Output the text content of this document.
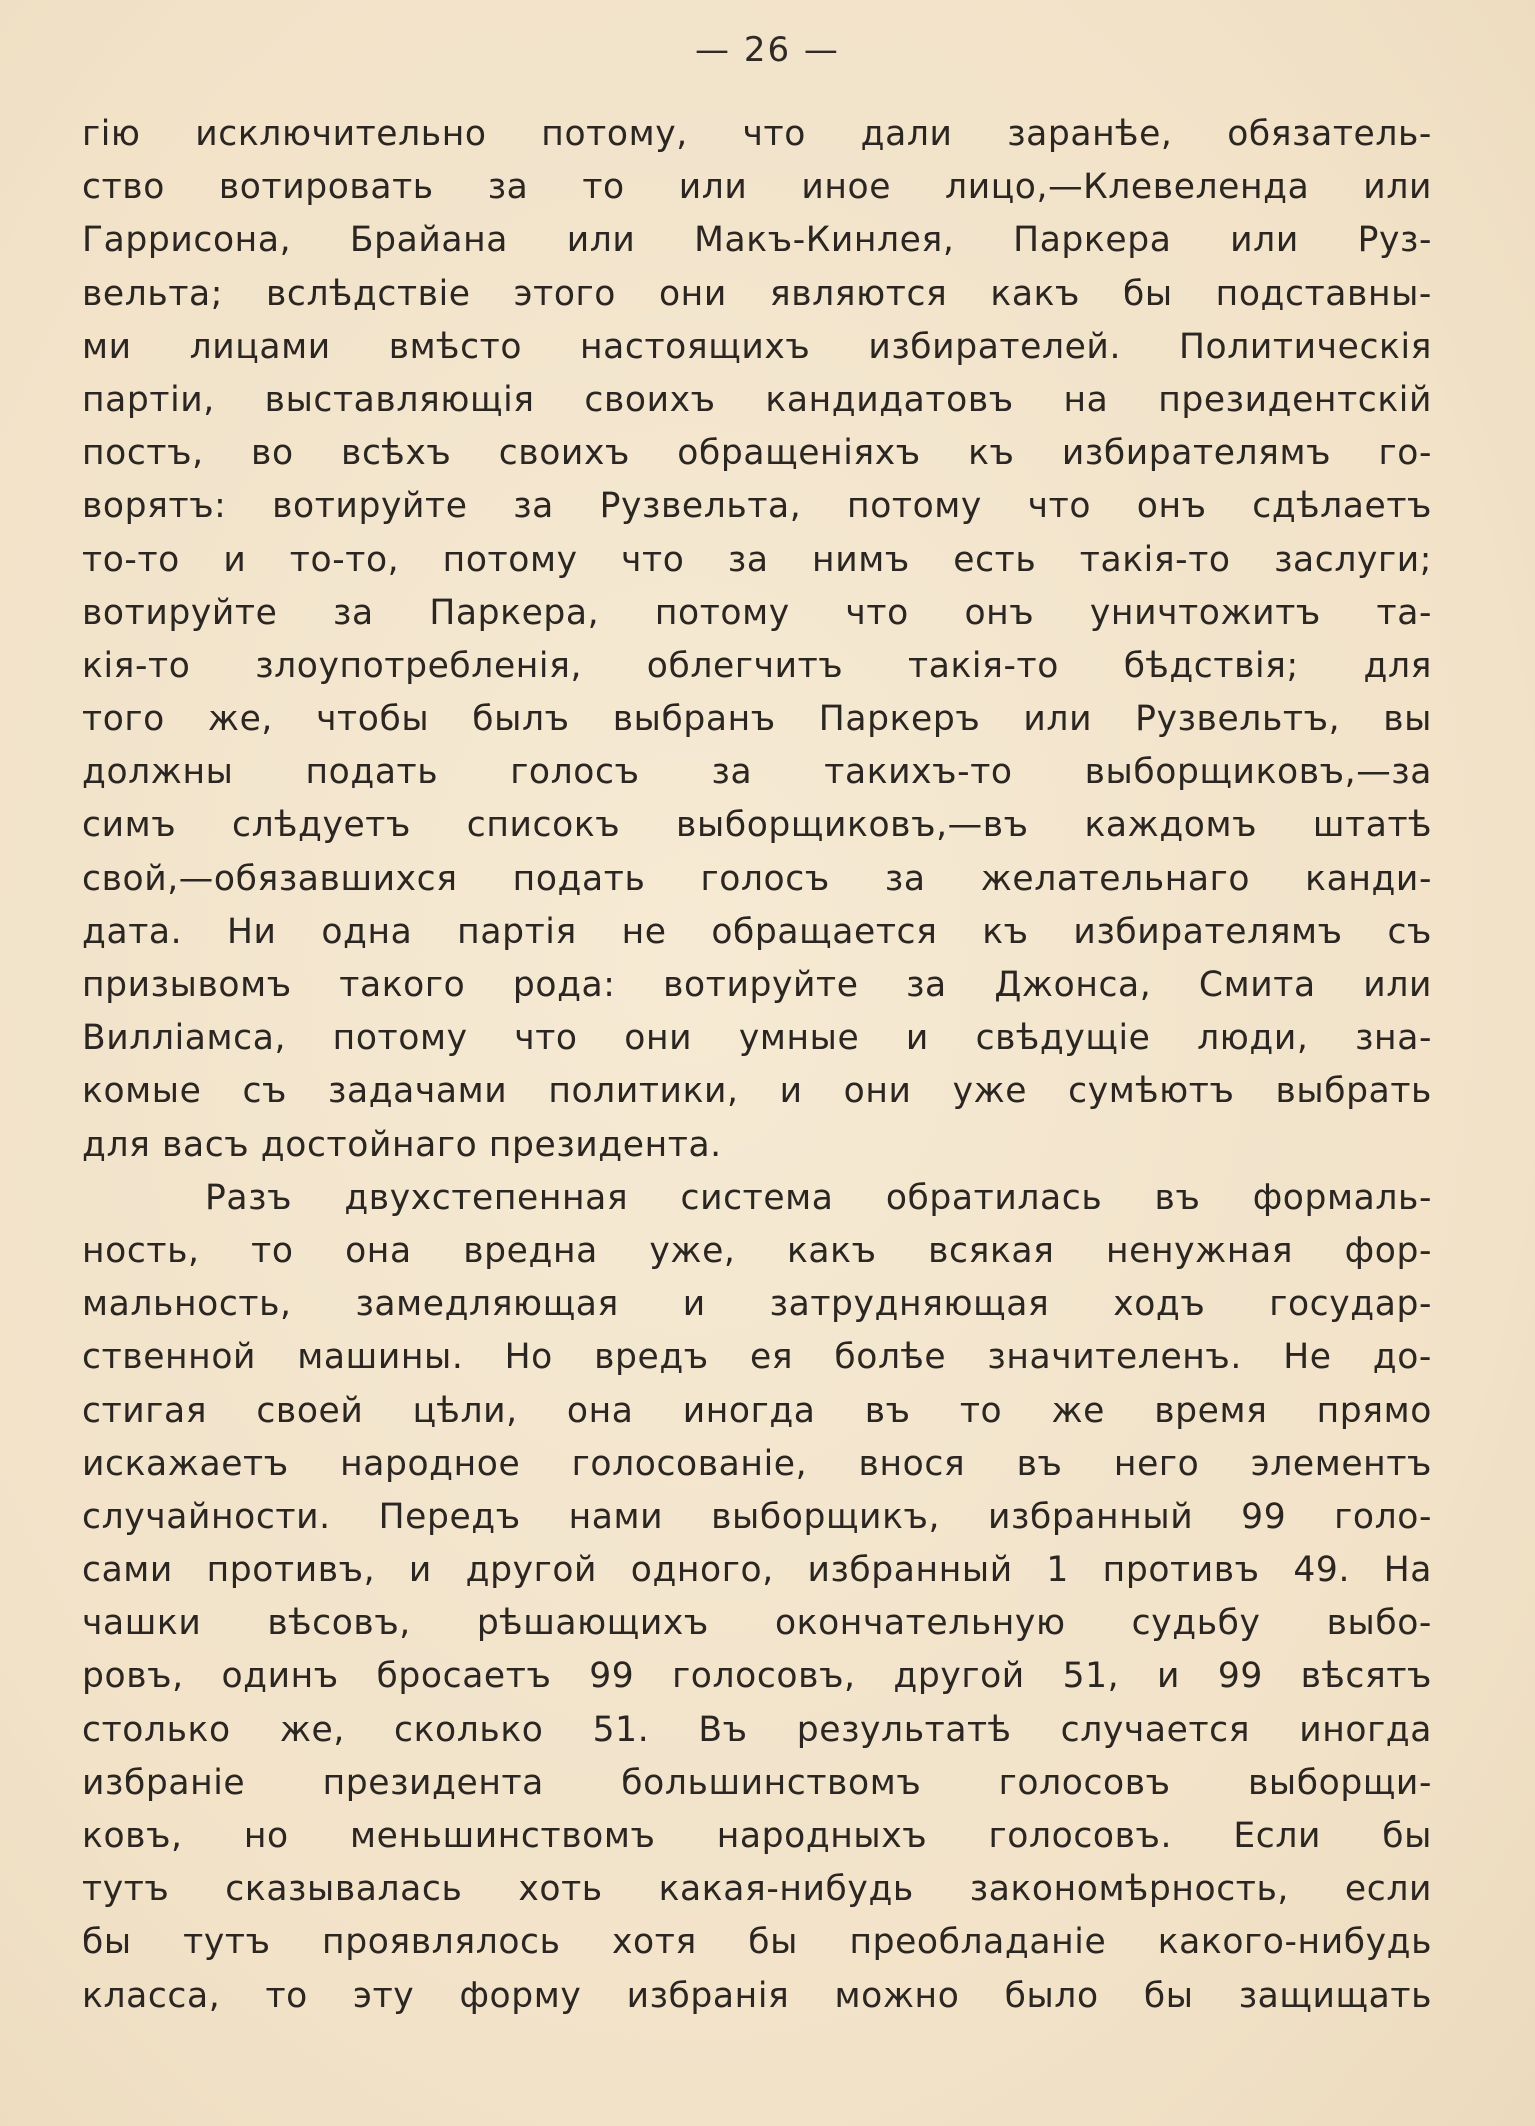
— 26 —
гію исключительно потому, что дали заранѣе, обязатель-
ство вотировать за то или иное лицо,—Клевеленда или
Гаррисона, Брайана или Макъ-Кинлея, Паркера или Руз-
вельта; вслѣдствіе этого они являются какъ бы подставны-
ми лицами вмѣсто настоящихъ избирателей. Политическія
партіи, выставляющія своихъ кандидатовъ на президентскій
постъ, во всѣхъ своихъ обращеніяхъ къ избирателямъ го-
ворятъ: вотируйте за Рузвельта, потому что онъ сдѣлаетъ
то-то и то-то, потому что за нимъ есть такія-то заслуги;
вотируйте за Паркера, потому что онъ уничтожитъ та-
кія-то злоупотребленія, облегчитъ такія-то бѣдствія; для
того же, чтобы былъ выбранъ Паркеръ или Рузвельтъ, вы
должны подать голосъ за такихъ-то выборщиковъ,—за
симъ слѣдуетъ списокъ выборщиковъ,—въ каждомъ штатѣ
свой,—обязавшихся подать голосъ за желательнаго канди-
дата. Ни одна партія не обращается къ избирателямъ съ
призывомъ такого рода: вотируйте за Джонса, Смита или
Вилліамса, потому что они умные и свѣдущіе люди, зна-
комые съ задачами политики, и они уже сумѣютъ выбрать
для васъ достойнаго президента.
Разъ двухстепенная система обратилась въ формаль-
ность, то она вредна уже, какъ всякая ненужная фор-
мальность, замедляющая и затрудняющая ходъ государ-
ственной машины. Но вредъ ея болѣе значителенъ. Не до-
стигая своей цѣли, она иногда въ то же время прямо
искажаетъ народное голосованіе, внося въ него элементъ
случайности. Передъ нами выборщикъ, избранный 99 голо-
сами противъ, и другой одного, избранный 1 противъ 49. На
чашки вѣсовъ, рѣшающихъ окончательную судьбу выбо-
ровъ, одинъ бросаетъ 99 голосовъ, другой 51, и 99 вѣсятъ
столько же, сколько 51. Въ результатѣ случается иногда
избраніе президента большинствомъ голосовъ выборщи-
ковъ, но меньшинствомъ народныхъ голосовъ. Если бы
тутъ сказывалась хоть какая-нибудь закономѣрность, если
бы тутъ проявлялось хотя бы преобладаніе какого-нибудь
класса, то эту форму избранія можно было бы защищать
